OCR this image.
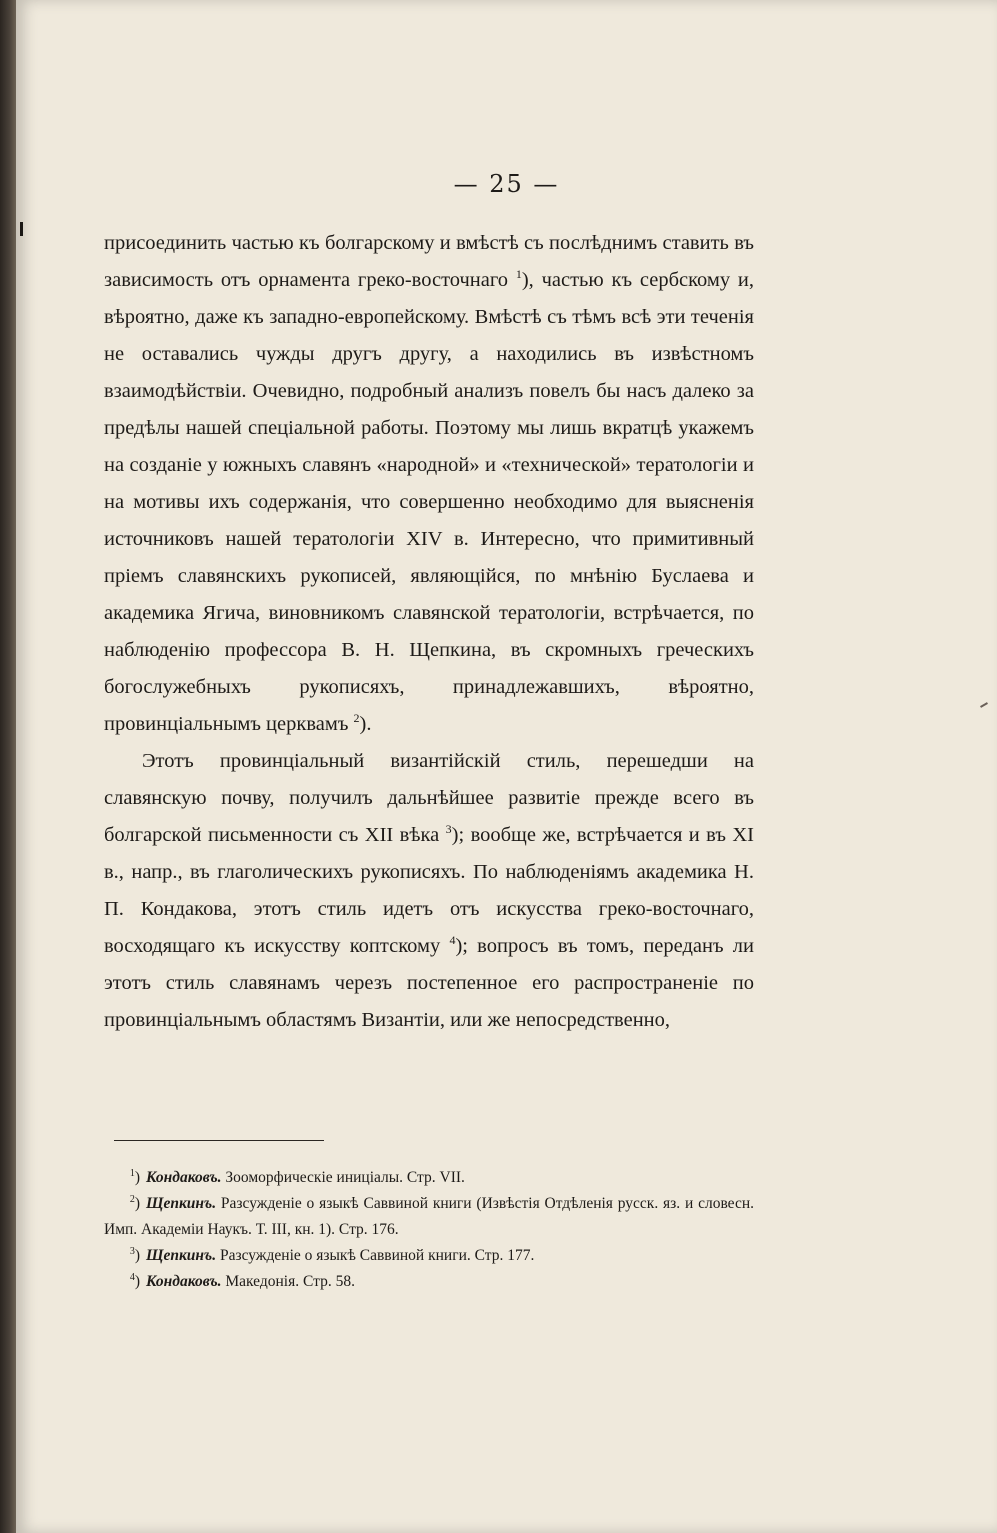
— 25 —

присоединить частью къ болгарскому и вмѣстѣ съ послѣднимъ ставить въ зависимость отъ орнамента греко-восточнаго $^1$), частью къ сербскому и, вѣроятно, даже къ западно-европейскому. Вмѣстѣ съ тѣмъ всѣ эти теченія не оставались чужды другъ другу, а находились въ извѣстномъ взаимодѣйствіи. Очевидно, подробный анализъ повелъ бы насъ далеко за предѣлы нашей спеціальной работы. Поэтому мы лишь вкратцѣ укажемъ на созданіе у южныхъ славянъ «народной» и «технической» тератологіи и на мотивы ихъ содержанія, что совершенно необходимо для выясненія источниковъ нашей тератологіи XIV в. Интересно, что примитивный пріемъ славянскихъ рукописей, являющійся, по мнѣнію Буслаева и академика Ягича, виновникомъ славянской тератологіи, встрѣчается, по наблюденію профессора В. Н. Щепкина, въ скромныхъ греческихъ богослужебныхъ рукописяхъ, принадлежавшихъ, вѣроятно, провинціальнымъ церквамъ $^2$).

Этотъ провинціальный византійскій стиль, перешедши на славянскую почву, получилъ дальнѣйшее развитіе прежде всего въ болгарской письменности съ XII вѣка $^3$); вообще же, встрѣчается и въ XI в., напр., въ глаголическихъ рукописяхъ. По наблюденіямъ академика Н. П. Кондакова, этотъ стиль идетъ отъ искусства греко-восточнаго, восходящаго къ искусству коптскому $^4$); вопросъ въ томъ, переданъ ли этотъ стиль славянамъ черезъ постепенное его распространеніе по провинціальнымъ областямъ Византіи, или же непосредственно,

$^1$) Кондаковъ. Зооморфическіе иниціалы. Стр. VII.

$^2$) Щепкинъ. Разсужденіе о языкѣ Саввиной книги (Извѣстія Отдѣленія русск. яз. и словесн. Имп. Академіи Наукъ. Т. III, кн. 1). Стр. 176.

$^3$) Щепкинъ. Разсужденіе о языкѣ Саввиной книги. Стр. 177.

$^4$) Кондаковъ. Македонія. Стр. 58.
